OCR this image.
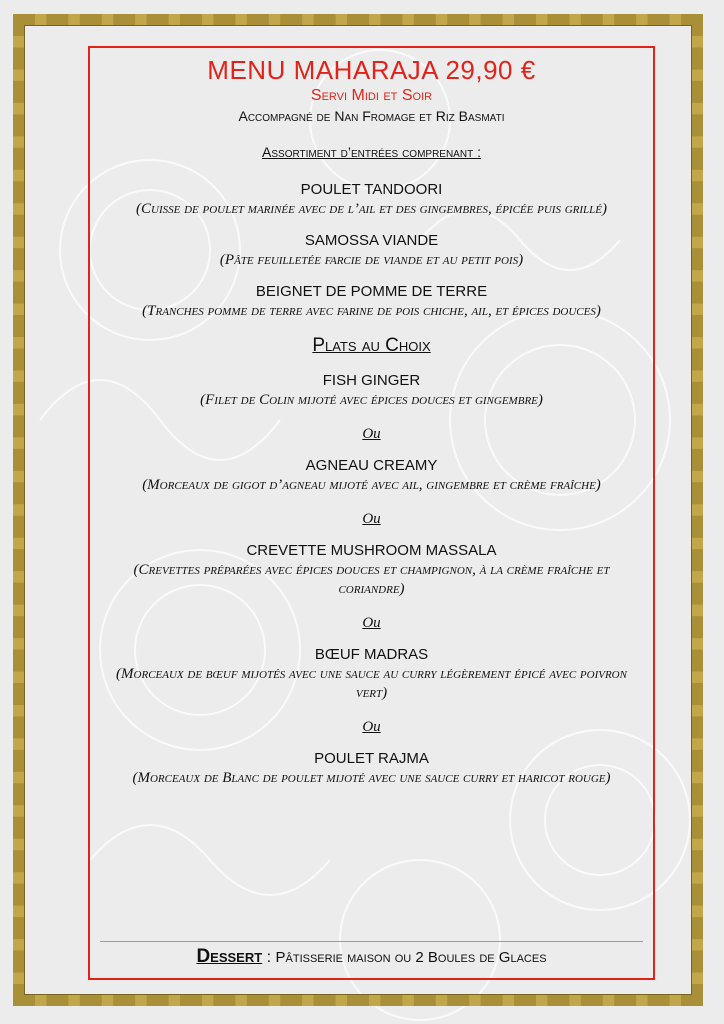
MENU MAHARAJA 29,90 €
Servi Midi et Soir
Accompagné de Nan Fromage et Riz Basmati
Assortiment d’entrées comprenant :
POULET TANDOORI
(Cuisse de poulet marinée avec de l’ail et des gingembres, épicée puis grillé)
SAMOSSA VIANDE
(Pâte feuilletée farcie de viande et au petit pois)
BEIGNET DE POMME DE TERRE
(Tranches pomme de terre avec farine de pois chiche, ail, et épices douces)
Plats au Choix
FISH GINGER
(Filet de Colin mijoté avec épices douces et gingembre)
Ou
AGNEAU CREAMY
(Morceaux de gigot d’agneau mijoté avec ail, gingembre et crème fraîche)
Ou
CREVETTE MUSHROOM MASSALA
(Crevettes préparées avec épices douces et champignon, à la crème fraîche et coriandre)
Ou
BŒUF MADRAS
(Morceaux de bœuf mijotés avec une sauce au curry légèrement épicé avec poivron vert)
Ou
POULET RAJMA
(Morceaux de Blanc de poulet mijoté avec une sauce curry et haricot rouge)
Dessert : Pâtisserie maison ou 2 Boules de Glaces
